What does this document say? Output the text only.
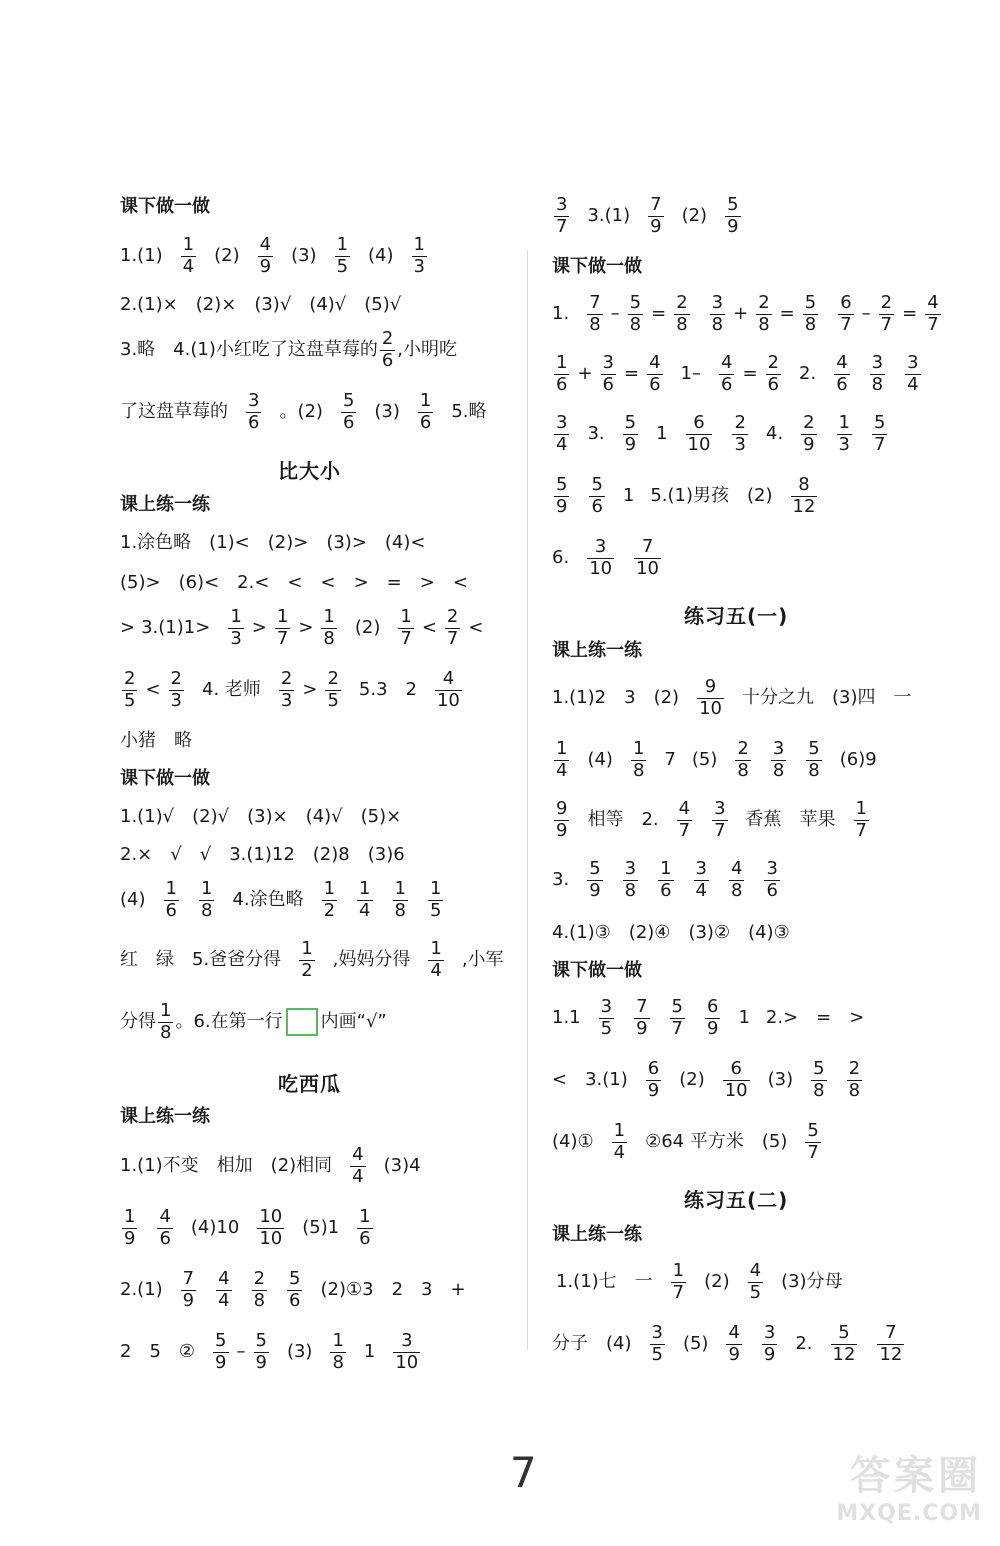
课下做一做
$1.(1) \frac{1}{4} (2) \frac{4}{9} (3) \frac{1}{5} (4) \frac{1}{3}$
2.(1)×　(2)×　(3)√　(4)√　(5)√
3.略　4.(1)小红吃了这盘草莓的 $\frac{2}{6}$ ,小明吃
了这盘草莓的 $\frac{3}{6}$ 。$(2) \frac{5}{6} (3) \frac{1}{6} 5$.略
比大小
课上练一练
1.涂色略　(1)<　(2)>　(3)>　(4)<
(5)>　(6)<　2.<　<　<　>　=　>　<
> $3.(1)1> \frac{1}{3} > \frac{1}{7} > \frac{1}{8} (2) \frac{1}{7} < \frac{2}{7}$ <
$\frac{2}{5} < \frac{2}{3} 4$. 老师 $\frac{2}{3} > \frac{2}{5} 5.3$　$2 \frac{4}{10}$
小猪　略
课下做一做
1.(1)√　(2)√　(3)×　(4)√　(5)×
2.×　√　√　3.(1)12　(2)8　(3)6
$(4) \frac{1}{6} \frac{1}{8} 4$.涂色略 $\frac{1}{2} \frac{1}{4} \frac{1}{8} \frac{1}{5}$
红　绿　5.爸爸分得 $\frac{1}{2}$ ,妈妈分得 $\frac{1}{4}$ ,小军
分得 $\frac{1}{8}$ 。6.在第一行 内画“√”
吃西瓜
课上练一练
1.(1)不变　相加　(2)相同 $\frac{4}{4} (3)4$
$\frac{1}{9} \frac{4}{6} (4)10 \frac{10}{10} (5)1 \frac{1}{6}$
$2.(1) \frac{7}{9} \frac{4}{4} \frac{2}{8} \frac{5}{6}$ (2)①3　2　3　+
2　5　② $\frac{5}{9} - \frac{5}{9} (3) \frac{1}{8} 1 \frac{3}{10}$
$\frac{3}{7} 3.(1) \frac{7}{9} (2) \frac{5}{9}$
课下做一做
1. $\frac{7}{8} - \frac{5}{8} = \frac{2}{8} \frac{3}{8} + \frac{2}{8} = \frac{5}{8} \frac{6}{7} - \frac{2}{7} = \frac{4}{7}$
$\frac{1}{6} + \frac{3}{6} = \frac{4}{6} 1- \frac{4}{6} = \frac{2}{6} 2$. $\frac{4}{6} \frac{3}{8} \frac{3}{4}$
$\frac{3}{4} 3$. $\frac{5}{9} 1 \frac{6}{10} \frac{2}{3} 4$. $\frac{2}{9} \frac{1}{3} \frac{5}{7}$
$\frac{5}{9} \frac{5}{6} 1$ 5.(1)男孩　$(2) \frac{8}{12}$
6. $\frac{3}{10} \frac{7}{10}$
练习五(一)
课上练一练
1.(1)2　3　$(2) \frac{9}{10}$ 十分之九　(3)四　一
$\frac{1}{4} (4) \frac{1}{8} 7$ $(5) \frac{2}{8} \frac{3}{8} \frac{5}{8} (6)9$
$\frac{9}{9}$ 相等　2. $\frac{4}{7} \frac{3}{7}$ 香蕉　苹果 $\frac{1}{7}$
3. $\frac{5}{9} \frac{3}{8} \frac{1}{6} \frac{3}{4} \frac{4}{8} \frac{3}{6}$
4.(1)③　(2)④　(3)②　(4)③
课下做一做
$1.1 \frac{3}{5} \frac{7}{9} \frac{5}{7} \frac{6}{9} 1$ 2.>　=　>
<　$3.(1) \frac{6}{9} (2) \frac{6}{10} (3) \frac{5}{8} \frac{2}{8}$
(4)① $\frac{1}{4}$ ②64 平方米　$(5) \frac{5}{7}$
练习五(二)
课上练一练
1.(1)七　一 $\frac{1}{7} (2) \frac{4}{5} (3)$分母
分子　$(4) \frac{3}{5} (5) \frac{4}{9} \frac{3}{9} 2$. $\frac{5}{12} \frac{7}{12}$
7	答案圈
MXQE.COM
